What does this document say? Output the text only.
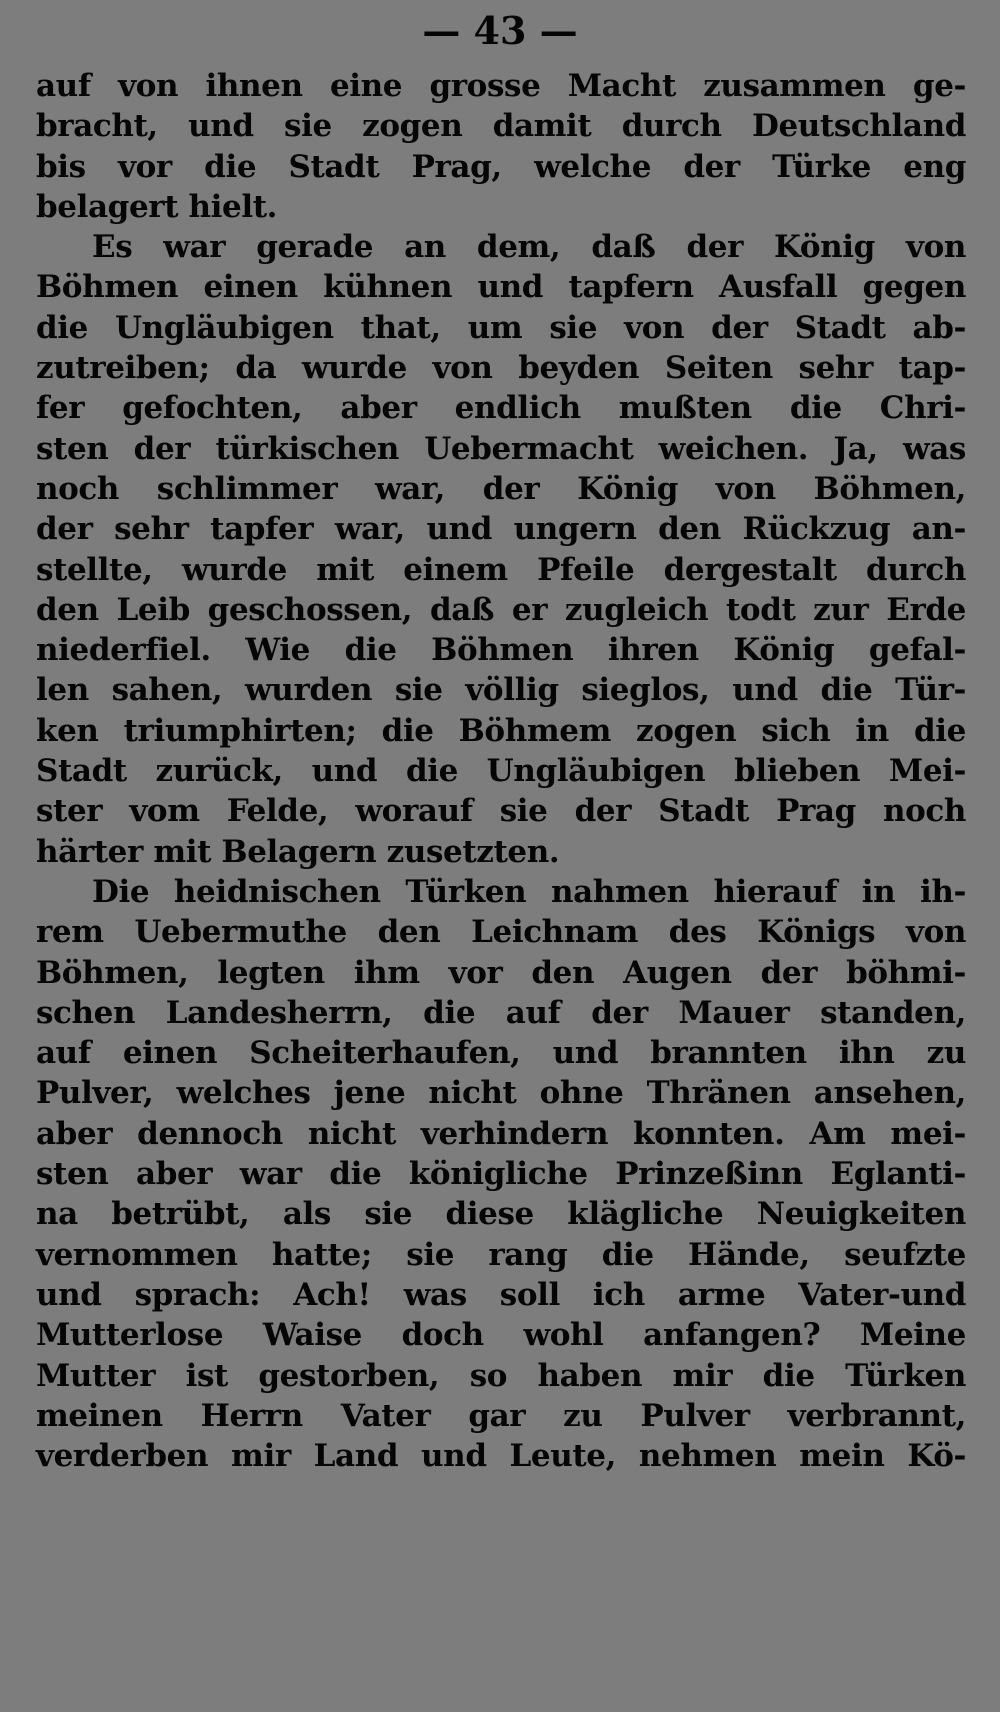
— 43 —
auf von ihnen eine grosse Macht zusammen ge-
bracht, und sie zogen damit durch Deutschland
bis vor die Stadt Prag, welche der Türke eng
belagert hielt.
Es war gerade an dem, daß der König von
Böhmen einen kühnen und tapfern Ausfall gegen
die Ungläubigen that, um sie von der Stadt ab-
zutreiben; da wurde von beyden Seiten sehr tap-
fer gefochten, aber endlich mußten die Chri-
sten der türkischen Uebermacht weichen. Ja, was
noch schlimmer war, der König von Böhmen,
der sehr tapfer war, und ungern den Rückzug an-
stellte, wurde mit einem Pfeile dergestalt durch
den Leib geschossen, daß er zugleich todt zur Erde
niederfiel. Wie die Böhmen ihren König gefal-
len sahen, wurden sie völlig sieglos, und die Tür-
ken triumphirten; die Böhmem zogen sich in die
Stadt zurück, und die Ungläubigen blieben Mei-
ster vom Felde, worauf sie der Stadt Prag noch
härter mit Belagern zusetzten.
Die heidnischen Türken nahmen hierauf in ih-
rem Uebermuthe den Leichnam des Königs von
Böhmen, legten ihm vor den Augen der böhmi-
schen Landesherrn, die auf der Mauer standen,
auf einen Scheiterhaufen, und brannten ihn zu
Pulver, welches jene nicht ohne Thränen ansehen,
aber dennoch nicht verhindern konnten. Am mei-
sten aber war die königliche Prinzeßinn Eglanti-
na betrübt, als sie diese klägliche Neuigkeiten
vernommen hatte; sie rang die Hände, seufzte
und sprach: Ach! was soll ich arme Vater-und
Mutterlose Waise doch wohl anfangen? Meine
Mutter ist gestorben, so haben mir die Türken
meinen Herrn Vater gar zu Pulver verbrannt,
verderben mir Land und Leute, nehmen mein Kö-
